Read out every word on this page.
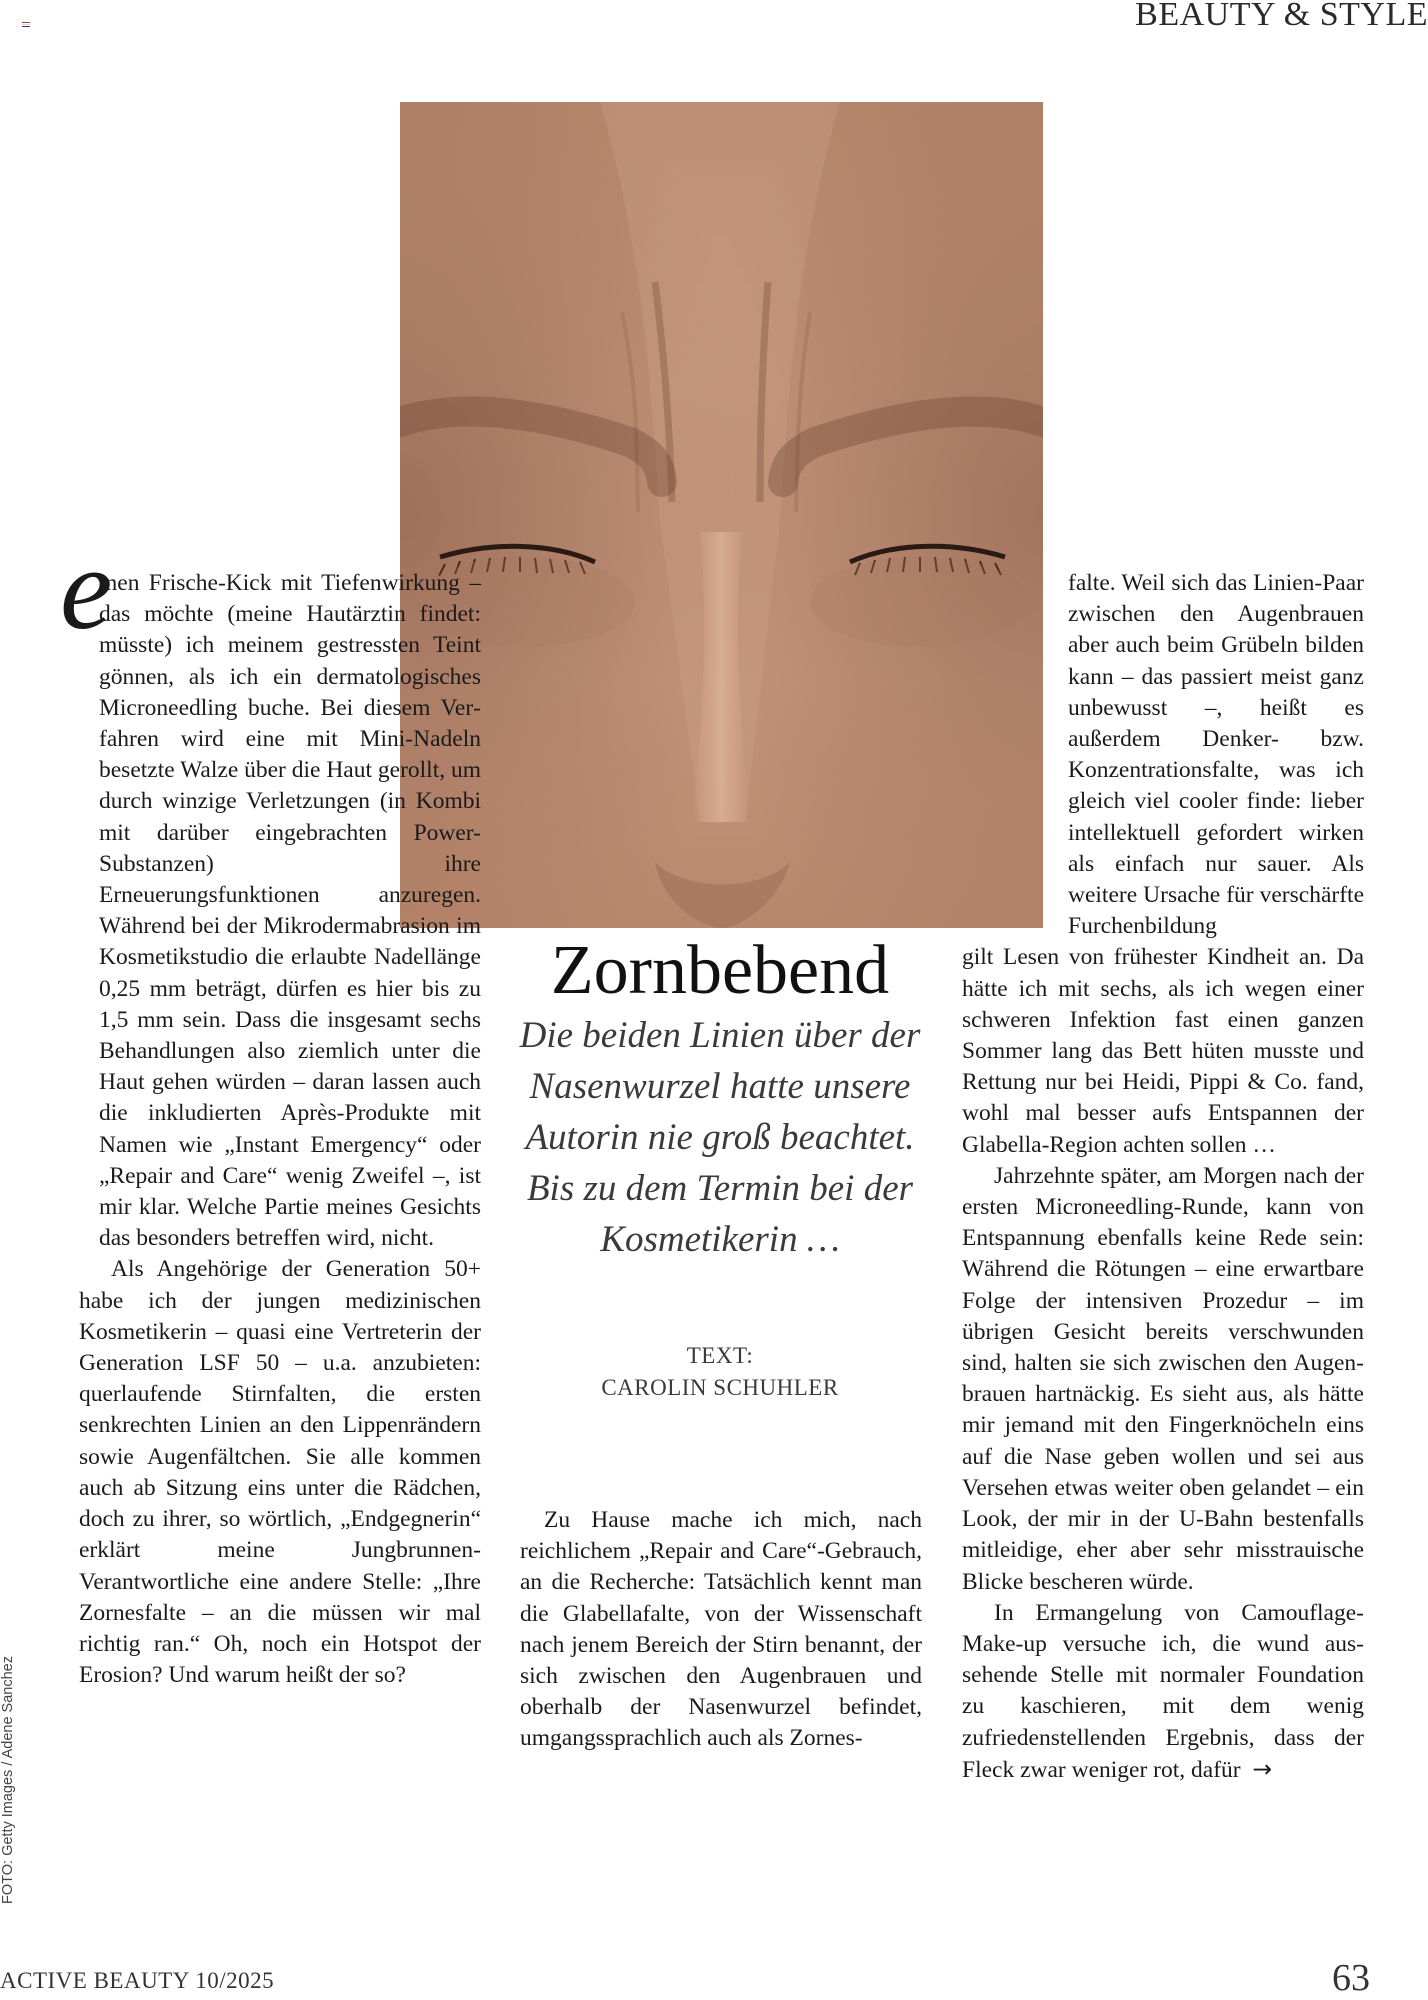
BEAUTY & STYLE
e

inen Frische-Kick mit Tiefenwirkung – das möchte (meine Hautärztin findet: müsste) ich meinem gestressten Teint gönnen, als ich ein dermatologisches Microneedling buche. Bei diesem Verfahren wird eine mit Mini-Nadeln besetzte Walze über die Haut gerollt, um durch winzige Verletzungen (in Kombi mit darüber eingebrachten Power-Substanzen) ihre Erneuerungsfunktionen anzuregen. Während bei der Mikrodermabrasion im Kosmetikstudio die erlaubte Nadellänge 0,25 mm beträgt, dürfen es hier bis zu 1,5 mm sein. Dass die insgesamt sechs Behandlungen also ziemlich unter die Haut gehen würden – daran lassen auch die inkludierten Après-Produkte mit Namen wie „Instant Emergency“ oder „Repair and Care“ wenig Zweifel –, ist mir klar. Welche Partie meines Gesichts das besonders betreffen wird, nicht.

Als Angehörige der Generation 50+ habe ich der jungen medizinischen Kosmetikerin – quasi eine Vertreterin der Generation LSF 50 – u.a. anzubieten: querlaufende Stirnfalten, die ersten senkrechten Linien an den Lippenrändern sowie Augenfältchen. Sie alle kommen auch ab Sitzung eins unter die Rädchen, doch zu ihrer, so wörtlich, „Endgegnerin“ erklärt meine Jungbrunnen-Verantwortliche eine andere Stelle: „Ihre Zornesfalte – an die müssen wir mal richtig ran.“ Oh, noch ein Hotspot der Erosion? Und warum heißt der so?

Zornbebend
Die beiden Linien über der Nasenwurzel hatte unsere Autorin nie groß beachtet. Bis zu dem Termin bei der Kosmetikerin …
TEXT:
CAROLIN SCHUHLER

Zu Hause mache ich mich, nach reichlichem „Repair and Care“-Gebrauch, an die Recherche: Tatsächlich kennt man die Glabellafalte, von der Wissenschaft nach jenem Bereich der Stirn benannt, der sich zwischen den Augenbrauen und oberhalb der Nasenwurzel befindet, umgangssprachlich auch als Zornes-

falte. Weil sich das Linien-Paar zwischen den Augenbrauen aber auch beim Grübeln bilden kann – das passiert meist ganz unbewusst –, heißt es außerdem Denker- bzw. Konzentrationsfalte, was ich gleich viel cooler finde: lieber intellektuell gefordert wirken als einfach nur sauer. Als weitere Ursache für verschärfte Furchenbildung

gilt Lesen von frühester Kindheit an. Da hätte ich mit sechs, als ich wegen einer schweren Infektion fast einen ganzen Sommer lang das Bett hüten musste und Rettung nur bei Heidi, Pippi & Co. fand, wohl mal besser aufs Entspannen der Glabella-Region achten sollen …

Jahrzehnte später, am Morgen nach der ersten Microneedling-Runde, kann von Entspannung ebenfalls keine Rede sein: Während die Rötungen – eine erwartbare Folge der intensiven Prozedur – im übrigen Gesicht bereits verschwunden sind, halten sie sich zwischen den Augenbrauen hartnäckig. Es sieht aus, als hätte mir jemand mit den Fingerknöcheln eins auf die Nase geben wollen und sei aus Versehen etwas weiter oben gelandet – ein Look, der mir in der U-Bahn bestenfalls mitleidige, eher aber sehr misstrauische Blicke bescheren würde.

In Ermangelung von Camouflage-Make-up versuche ich, die wund aussehende Stelle mit normaler Foundation zu kaschieren, mit dem wenig zufriedenstellenden Ergebnis, dass der Fleck zwar weniger rot, dafür →

FOTO: Getty Images / Adene Sanchez
ACTIVE BEAUTY 10/2025	63
